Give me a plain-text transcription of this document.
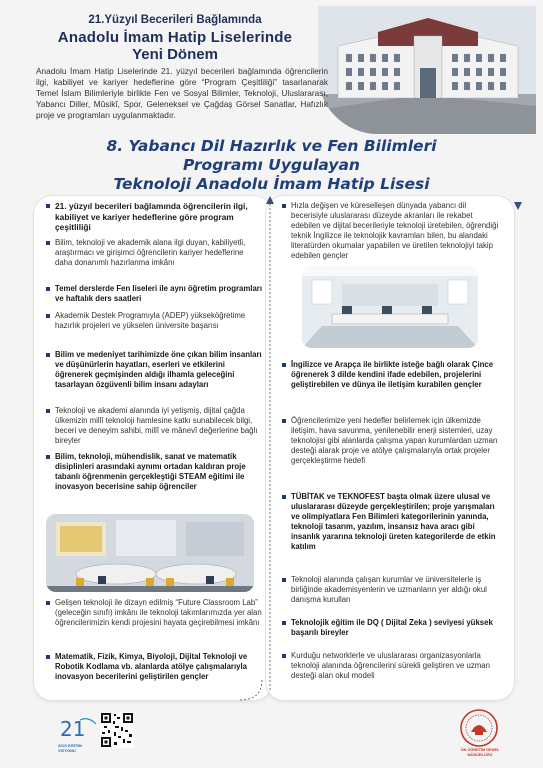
21.Yüzyıl Becerileri Bağlamında
Anadolu İmam Hatip Liselerinde
Yeni Dönem

Anadolu İmam Hatip Liselerinde 21. yüzyıl becerileri bağlamında öğrencilerin ilgi, kabiliyet ve kariyer hedeflerine göre “Program Çeşitliliği” tasarlanarak Temel İslam Bilimleriyle birlikte Fen ve Sosyal Bilimler, Teknoloji, Uluslararası, Yabancı Diller, Mûsikî, Spor, Geleneksel ve Çağdaş Görsel Sanatlar, Hafızlık proje ve programları uygulanmaktadır.

8. Yabancı Dil Hazırlık ve Fen Bilimleri
Programı Uygulayan
Teknoloji Anadolu İmam Hatip Lisesi
21. yüzyıl becerileri bağlamında öğrencilerin ilgi, kabiliyet ve kariyer hedeflerine göre program çeşitliliği
Bilim, teknoloji ve akademik alana ilgi duyan, kabiliyetli, araştırmacı ve girişimci öğrencilerin kariyer hedeflerine daha donanımlı hazırlanma imkânı
Temel derslerde Fen liseleri ile aynı öğretim programları ve haftalık ders saatleri
Akademik Destek Programıyla (ADEP) yükseköğretime hazırlık projeleri ve yükselen üniversite başarısı
Bilim ve medeniyet tarihimizde öne çıkan bilim insanları ve düşünürlerin hayatları, eserleri ve etkilerini öğrenerek geçmişinden aldığı ilhamla geleceğini tasarlayan özgüvenli bilim insanı adayları
Teknoloji ve akademi alanında iyi yetişmiş, dijital çağda ülkemizin millî teknoloji hamlesine katkı sunabilecek bilgi, beceri ve deneyim sahibi, millî ve mânevî değerlerine bağlı bireyler
Bilim, teknoloji, mühendislik, sanat ve matematik disiplinleri arasındaki aynımı ortadan kaldıran proje tabanlı öğrenmenin gerçekleştiği STEAM eğitimi ile inovasyon becerisine sahip öğrenciler
Gelişen teknoloji ile dizayn edilmiş “Future Classroom Lab” (geleceğin sınıfı) imkânı ile teknoloji takımlarımızda yer alan öğrencilerimizin kendi projesini hayata geçirebilmesi imkânı
Matematik, Fizik, Kimya, Biyoloji, Dijital Teknoloji ve Robotik Kodlama vb. alanlarda atölye çalışmalarıyla inovasyon becerilerini geliştirilen gençler
Hızla değişen ve küreselleşen dünyada yabancı dil becerisiyle uluslararası düzeyde akranları ile rekabet edebilen ve dijital becerileriyle teknoloji üretebilen, öğrendiği teknik İngilizce ile teknolojik kavramları bilen, bu alandaki literatürden okumalar yapabilen ve üretilen teknolojiyi takip edebilen gençler
İngilizce ve Arapça ile birlikte isteğe bağlı olarak Çince öğrenerek 3 dilde kendini ifade edebilen, projelerini geliştirebilen ve dünya ile iletişim kurabilen gençler
Öğrencilerimize yeni hedefler belirlemek için ülkemizde iletişim, hava savunma, yenilenebilir enerji sistemleri, uzay teknolojisi gibi alanlarda çalışma yapan kurumlardan uzman desteği alarak proje ve atölye çalışmalarıyla ortak projeler gerçekleştirme hedefi
TÜBİTAK ve TEKNOFEST başta olmak üzere ulusal ve uluslararası düzeyde gerçekleştirilen; proje yarışmaları ve olimpiyatlara Fen Bilimleri kategorilerinin yanında, teknoloji tasarım, yazılım, insansız hava aracı gibi insanlık yararına teknoloji üreten kategorilerde de etkin katılım
Teknoloji alanında çalışan kurumlar ve üniversitelerle iş birliğinde akademisyenlerin ve uzmanların yer aldığı okul danışma kurulları
Teknolojik eğitim ile DQ ( Dijital Zeka ) seviyesi yüksek başarılı bireyler
Kurduğu networklerle ve uluslararası organizasyonlarla teknoloji alanında öğrencilerini sürekli geliştiren ve uzman desteği alan okul modeli
21
2023 EĞİTİM VİZYONU	ÖN ÖĞRETİM GENEL MÜDÜRLÜĞÜ
